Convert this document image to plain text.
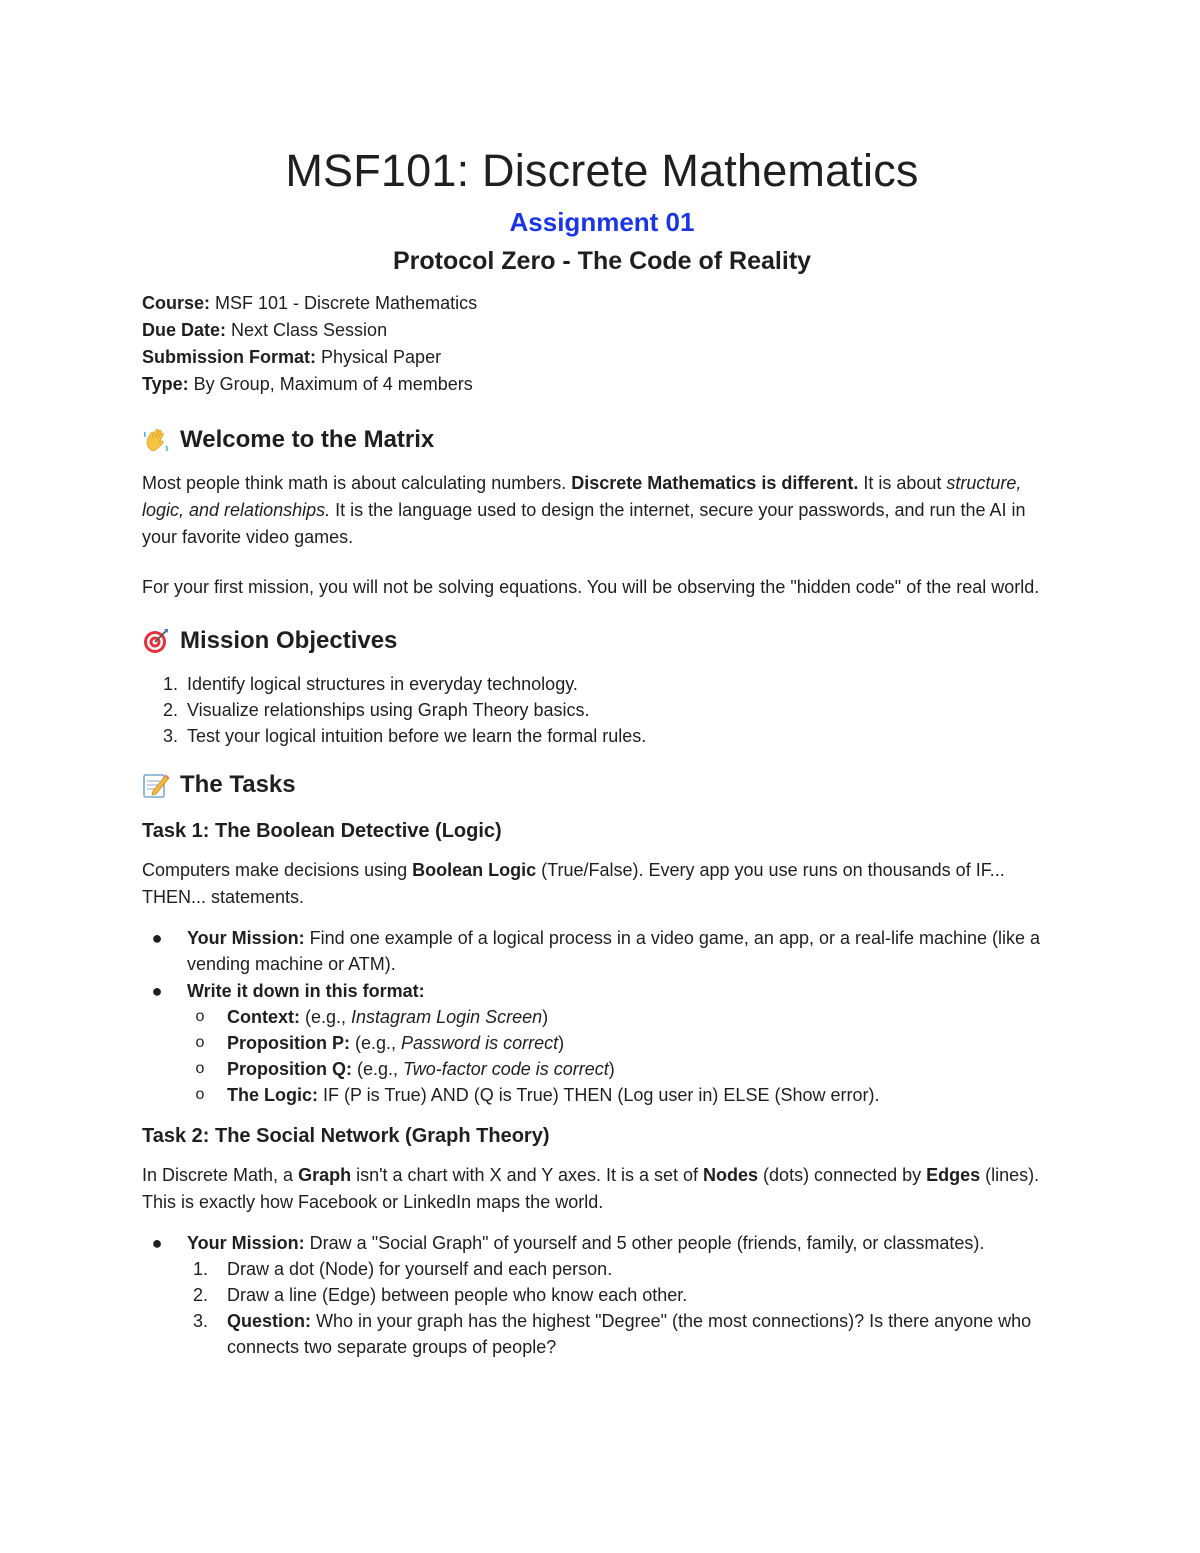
MSF101: Discrete Mathematics
Assignment 01
Protocol Zero - The Code of Reality
Course: MSF 101 - Discrete Mathematics
Due Date: Next Class Session
Submission Format: Physical Paper
Type: By Group, Maximum of 4 members
Welcome to the Matrix

Most people think math is about calculating numbers. Discrete Mathematics is different. It is about structure, logic, and relationships. It is the language used to design the internet, secure your passwords, and run the AI in your favorite video games.

For your first mission, you will not be solving equations. You will be observing the "hidden code" of the real world.

Mission Objectives
1. Identify logical structures in everyday technology.
2. Visualize relationships using Graph Theory basics.
3. Test your logical intuition before we learn the formal rules.
The Tasks
Task 1: The Boolean Detective (Logic)

Computers make decisions using Boolean Logic (True/False). Every app you use runs on thousands of IF... THEN... statements.

●	Your Mission: Find one example of a logical process in a video game, an app, or a real-life machine (like a vending machine or ATM).
●	Write it down in this format:
o	Context: (e.g., Instagram Login Screen)
o	Proposition P: (e.g., Password is correct)
o	Proposition Q: (e.g., Two-factor code is correct)
o	The Logic: IF (P is True) AND (Q is True) THEN (Log user in) ELSE (Show error).
Task 2: The Social Network (Graph Theory)

In Discrete Math, a Graph isn't a chart with X and Y axes. It is a set of Nodes (dots) connected by Edges (lines). This is exactly how Facebook or LinkedIn maps the world.

●	Your Mission: Draw a "Social Graph" of yourself and 5 other people (friends, family, or classmates).
1. Draw a dot (Node) for yourself and each person.
2. Draw a line (Edge) between people who know each other.
3. Question: Who in your graph has the highest "Degree" (the most connections)? Is there anyone who connects two separate groups of people?
